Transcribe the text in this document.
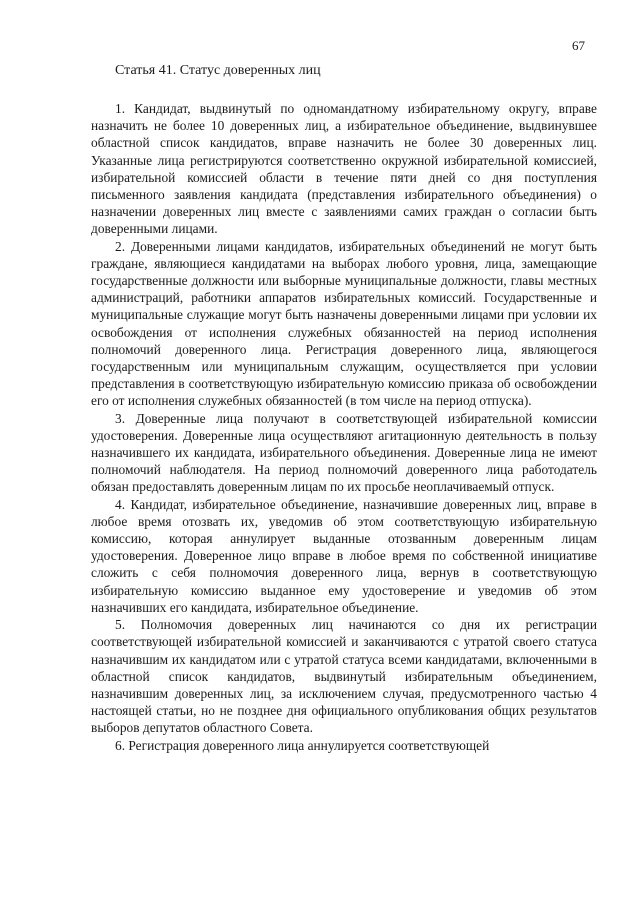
67
Статья 41. Статус доверенных лиц

1. Кандидат, выдвинутый по одномандатному избирательному округу, вправе назначить не более 10 доверенных лиц, а избирательное объединение, выдвинувшее областной список кандидатов, вправе назначить не более 30 доверенных лиц. Указанные лица регистрируются соответственно окружной избирательной комиссией, избирательной комиссией области в течение пяти дней со дня поступления письменного заявления кандидата (представления избирательного объединения) о назначении доверенных лиц вместе с заявлениями самих граждан о согласии быть доверенными лицами.

2. Доверенными лицами кандидатов, избирательных объединений не могут быть граждане, являющиеся кандидатами на выборах любого уровня, лица, замещающие государственные должности или выборные муниципальные должности, главы местных администраций, работники аппаратов избирательных комиссий. Государственные и муниципальные служащие могут быть назначены доверенными лицами при условии их освобождения от исполнения служебных обязанностей на период исполнения полномочий доверенного лица. Регистрация доверенного лица, являющегося государственным или муниципальным служащим, осуществляется при условии представления в соответствующую избирательную комиссию приказа об освобождении его от исполнения служебных обязанностей (в том числе на период отпуска).

3. Доверенные лица получают в соответствующей избирательной комиссии удостоверения. Доверенные лица осуществляют агитационную деятельность в пользу назначившего их кандидата, избирательного объединения. Доверенные лица не имеют полномочий наблюдателя. На период полномочий доверенного лица работодатель обязан предоставлять доверенным лицам по их просьбе неоплачиваемый отпуск.

4. Кандидат, избирательное объединение, назначившие доверенных лиц, вправе в любое время отозвать их, уведомив об этом соответствующую избирательную комиссию, которая аннулирует выданные отозванным доверенным лицам удостоверения. Доверенное лицо вправе в любое время по собственной инициативе сложить с себя полномочия доверенного лица, вернув в соответствующую избирательную комиссию выданное ему удостоверение и уведомив об этом назначивших его кандидата, избирательное объединение.

5. Полномочия доверенных лиц начинаются со дня их регистрации соответствующей избирательной комиссией и заканчиваются с утратой своего статуса назначившим их кандидатом или с утратой статуса всеми кандидатами, включенными в областной список кандидатов, выдвинутый избирательным объединением, назначившим доверенных лиц, за исключением случая, предусмотренного частью 4 настоящей статьи, но не позднее дня официального опубликования общих результатов выборов депутатов областного Совета.

6. Регистрация доверенного лица аннулируется соответствующей
